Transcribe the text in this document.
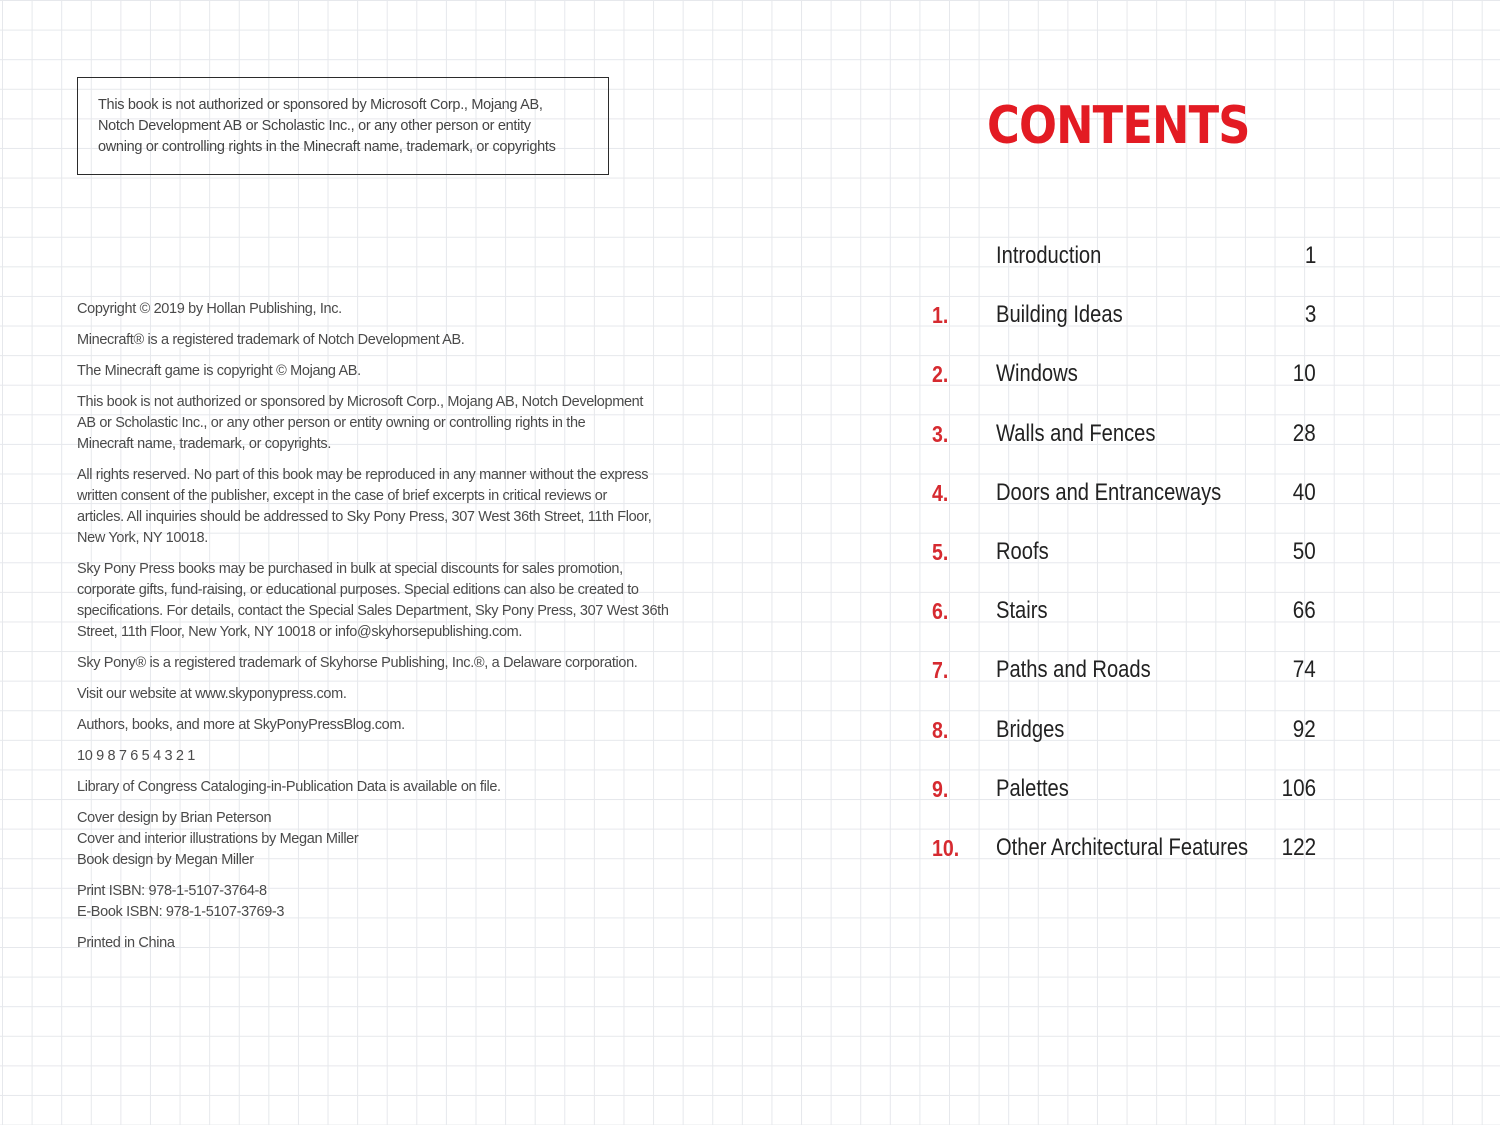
This book is not authorized or sponsored by Microsoft Corp., Mojang AB,
Notch Development AB or Scholastic Inc., or any other person or entity
owning or controlling rights in the Minecraft name, trademark, or copyrights
Copyright © 2019 by Hollan Publishing, Inc.
Minecraft® is a registered trademark of Notch Development AB.
The Minecraft game is copyright © Mojang AB.
This book is not authorized or sponsored by Microsoft Corp., Mojang AB, Notch Development
AB or Scholastic Inc., or any other person or entity owning or controlling rights in the
Minecraft name, trademark, or copyrights.
All rights reserved. No part of this book may be reproduced in any manner without the express
written consent of the publisher, except in the case of brief excerpts in critical reviews or
articles. All inquiries should be addressed to Sky Pony Press, 307 West 36th Street, 11th Floor,
New York, NY 10018.
Sky Pony Press books may be purchased in bulk at special discounts for sales promotion,
corporate gifts, fund-raising, or educational purposes. Special editions can also be created to
specifications. For details, contact the Special Sales Department, Sky Pony Press, 307 West 36th
Street, 11th Floor, New York, NY 10018 or info@skyhorsepublishing.com.
Sky Pony® is a registered trademark of Skyhorse Publishing, Inc.®, a Delaware corporation.
Visit our website at www.skyponypress.com.
Authors, books, and more at SkyPonyPressBlog.com.
10 9 8 7 6 5 4 3 2 1
Library of Congress Cataloging-in-Publication Data is available on file.
Cover design by Brian Peterson
Cover and interior illustrations by Megan Miller
Book design by Megan Miller
Print ISBN: 978-1-5107-3764-8
E-Book ISBN: 978-1-5107-3769-3
Printed in China
CONTENTS
Introduction	1
1. Building Ideas	3
2. Windows	10
3. Walls and Fences	28
4. Doors and Entranceways	40
5. Roofs	50
6. Stairs	66
7. Paths and Roads	74
8. Bridges	92
9. Palettes	106
10. Other Architectural Features 122
